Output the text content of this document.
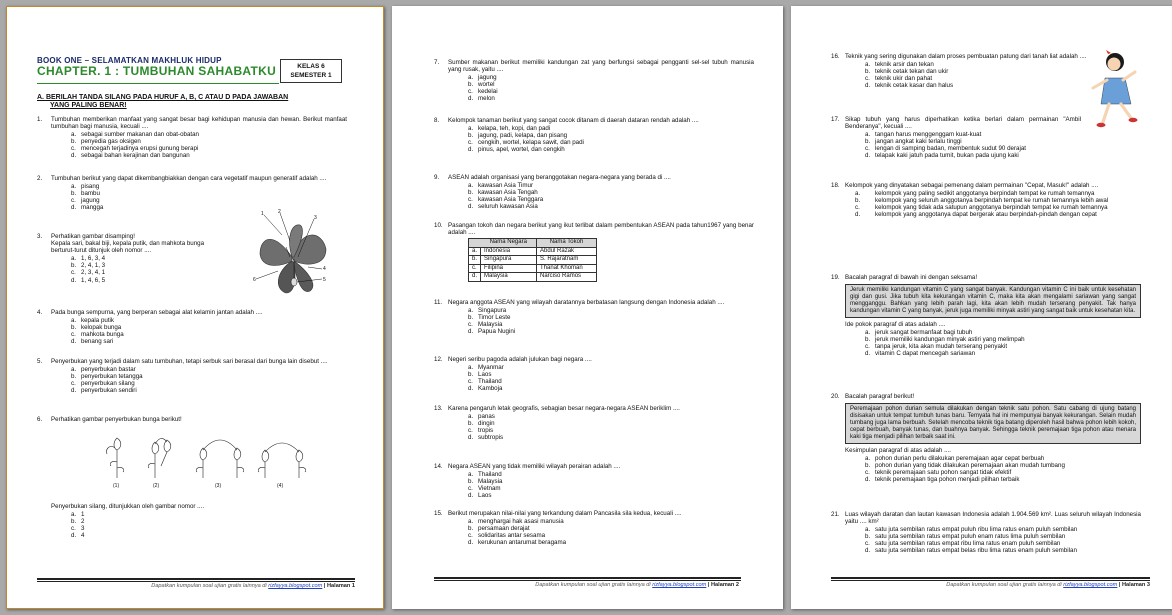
BOOK ONE – SELAMATKAN MAKHLUK HIDUP
CHAPTER. 1 : TUMBUHAN SAHABATKU	KELAS 6
SEMESTER 1
A. BERILAH TANDA SILANG PADA HURUF A, B, C ATAU D PADA JAWABAN
YANG PALING BENAR!
1.	Tumbuhan memberikan manfaat yang sangat besar bagi kehidupan manusia dan hewan. Berikut manfaat tumbuhan bagi manusia, kecuali ....
a. sebagai sumber makanan dan obat-obatan
b. penyedia gas oksigen
c. mencegah terjadinya erupsi gunung berapi
d. sebagai bahan kerajinan dan bangunan
2.	Tumbuhan berikut yang dapat dikembangbiakkan dengan cara vegetatif maupun generatif adalah ....
a. pisang
b. bambu
c. jagung
d. mangga
3.	Perhatikan gambar disamping!
Kepala sari, bakal biji, kepala putik, dan mahkota bunga
berturut-turut ditunjuk oleh nomor ....
a. 1, 6, 3, 4
b. 2, 4, 1, 3
c. 2, 3, 4, 1
d. 1, 4, 6, 5
1	2
3
4
5
6
4.	Pada bunga sempurna, yang berperan sebagai alat kelamin jantan adalah ....
a. kepala putik
b. kelopak bunga
c. mahkota bunga
d. benang sari
5.	Penyerbukan yang terjadi dalam satu tumbuhan, tetapi serbuk sari berasal dari bunga lain disebut ....
a. penyerbukan bastar
b. penyerbukan tetangga
c. penyerbukan silang
d. penyerbukan sendiri
6.	Perhatikan gambar penyerbukan bunga berikut!
(1)	(2)	(3)	(4)
Penyerbukan silang, ditunjukkan oleh gambar nomor ....
a. 1
b. 2
c. 3
d. 4
Dapatkan kumpulan soal ujian gratis lainnya di rizfayya.blogspot.com | Halaman 1
7.	Sumber makanan berikut memiliki kandungan zat yang berfungsi sebagai pengganti sel-sel tubuh manusia yang rusak, yaitu ....
a. jagung
b. wortel
c. kedelai
d. melon
8.	Kelompok tanaman berikut yang sangat cocok ditanam di daerah dataran rendah adalah ....
a. kelapa, teh, kopi, dan padi
b. jagung, padi, kelapa, dan pisang
c. cengkih, wortel, kelapa sawit, dan padi
d. pinus, apel, wortel, dan cengkih
9.	ASEAN adalah organisasi yang beranggotakan negara-negara yang berada di ....
a. kawasan Asia Timur
b. kawasan Asia Tengah
c. kawasan Asia Tenggara
d. seluruh kawasan Asia
10. Pasangan tokoh dan negara berikut yang ikut terlibat dalam pembentukan ASEAN pada tahun1967 yang benar adalah ....
	Nama Negara	Nama Tokoh
a.	Indonesia	Abdul Razak
b.	Singapura	S. Rajaratnam
c.	Filipina	Thanat Khoman
d.	Malaysia	Narciso Ramos
11. Negara anggota ASEAN yang wilayah daratannya berbatasan langsung dengan Indonesia adalah ....
a. Singapura
b. Timor Leste
c. Malaysia
d. Papua Nugini
12. Negeri seribu pagoda adalah julukan bagi negara ....
a. Myanmar
b. Laos
c. Thailand
d. Kamboja
13. Karena pengaruh letak geografis, sebagian besar negara-negara ASEAN beriklim ....
a. panas
b. dingin
c. tropis
d. subtropis
14. Negara ASEAN yang tidak memiliki wilayah perairan adalah ....
a. Thailand
b. Malaysia
c. Vietnam
d. Laos
15. Berikut merupakan nilai-nilai yang terkandung dalam Pancasila sila kedua, kecuali ....
a. menghargai hak asasi manusia
b. persamaan derajat
c. solidaritas antar sesama
d. kerukunan antarumat beragama
Dapatkan kumpulan soal ujian gratis lainnya di rizfayya.blogspot.com | Halaman 2
16. Teknik yang sering digunakan dalam proses pembuatan patung dari tanah liat adalah ....
a. teknik arsir dan tekan
b. teknik cetak tekan dan ukir
c. teknik ukir dan pahat
d. teknik cetak kasar dan halus
17. Sikap tubuh yang harus diperhatikan ketika berlari dalam permainan "Ambil Benderanya", kecuali ....
a. tangan harus menggenggam kuat-kuat
b. jangan angkat kaki terlalu tinggi
c. lengan di samping badan, membentuk sudut 90 derajat
d. telapak kaki jatuh pada tumit, bukan pada ujung kaki
18. Kelompok yang dinyatakan sebagai pemenang dalam permainan "Cepat, Masuk!" adalah ....
a. kelompok yang paling sedikit anggotanya berpindah tempat ke rumah temannya
b. kelompok yang seluruh anggotanya berpindah tempat ke rumah temannya lebih awal
c. kelompok yang tidak ada satupun anggotanya berpindah tempat ke rumah temannya
d. kelompok yang anggotanya dapat bergerak atau berpindah-pindah dengan cepat
19. Bacalah paragraf di bawah ini dengan seksama!
Jeruk memiliki kandungan vitamin C yang sangat banyak. Kandungan vitamin C ini baik untuk kesehatan gigi dan gusi. Jika tubuh kita kekurangan vitamin C, maka kita akan mengalami sariawan yang sangat mengganggu. Bahkan yang lebih parah lagi, kita akan lebih mudah terserang penyakit. Tak hanya kandungan vitamin C yang banyak, jeruk juga memiliki minyak astiri yang sangat baik untuk kesehatan kita.
Ide pokok paragraf di atas adalah ....
a. jeruk sangat bermanfaat bagi tubuh
b. jeruk memiliki kandungan minyak astiri yang melimpah
c. tanpa jeruk, kita akan mudah terserang penyakit
d. vitamin C dapat mencegah sariawan
20. Bacalah paragraf berikut!
Peremajaan pohon durian semula dilakukan dengan teknik satu pohon. Satu cabang di ujung batang disisakan untuk tempat tumbuh tunas baru. Ternyata hal ini mempunyai banyak kekurangan. Selain mudah tumbang juga lama berbuah. Setelah mencoba teknik tiga batang diperoleh hasil bahwa pohon lebih kokoh, cepat berbuah, banyak tunas, dan buahnya banyak. Sehingga teknik peremajaan tiga pohon atau menara kaki tiga menjadi pilihan terbaik saat ini.
Kesimpulan paragraf di atas adalah ....
a. pohon durian perlu dilakukan peremajaan agar cepat berbuah
b. pohon durian yang tidak dilakukan peremajaan akan mudah tumbang
c. teknik peremajaan satu pohon sangat tidak efektif
d. teknik peremajaan tiga pohon menjadi pilihan terbaik
21. Luas wilayah daratan dan lautan kawasan Indonesia adalah 1.904.569 km². Luas seluruh wilayah Indonesia yaitu .... km²
a. satu juta sembilan ratus empat puluh ribu lima ratus enam puluh sembilan
b. satu juta sembilan ratus empat puluh enam ratus lima puluh sembilan
c. satu juta sembilan ratus empat ribu lima ratus enam puluh sembilan
d. satu juta sembilan ratus empat belas ribu lima ratus enam puluh sembilan
Dapatkan kumpulan soal ujian gratis lainnya di rizfayya.blogspot.com | Halaman 3
